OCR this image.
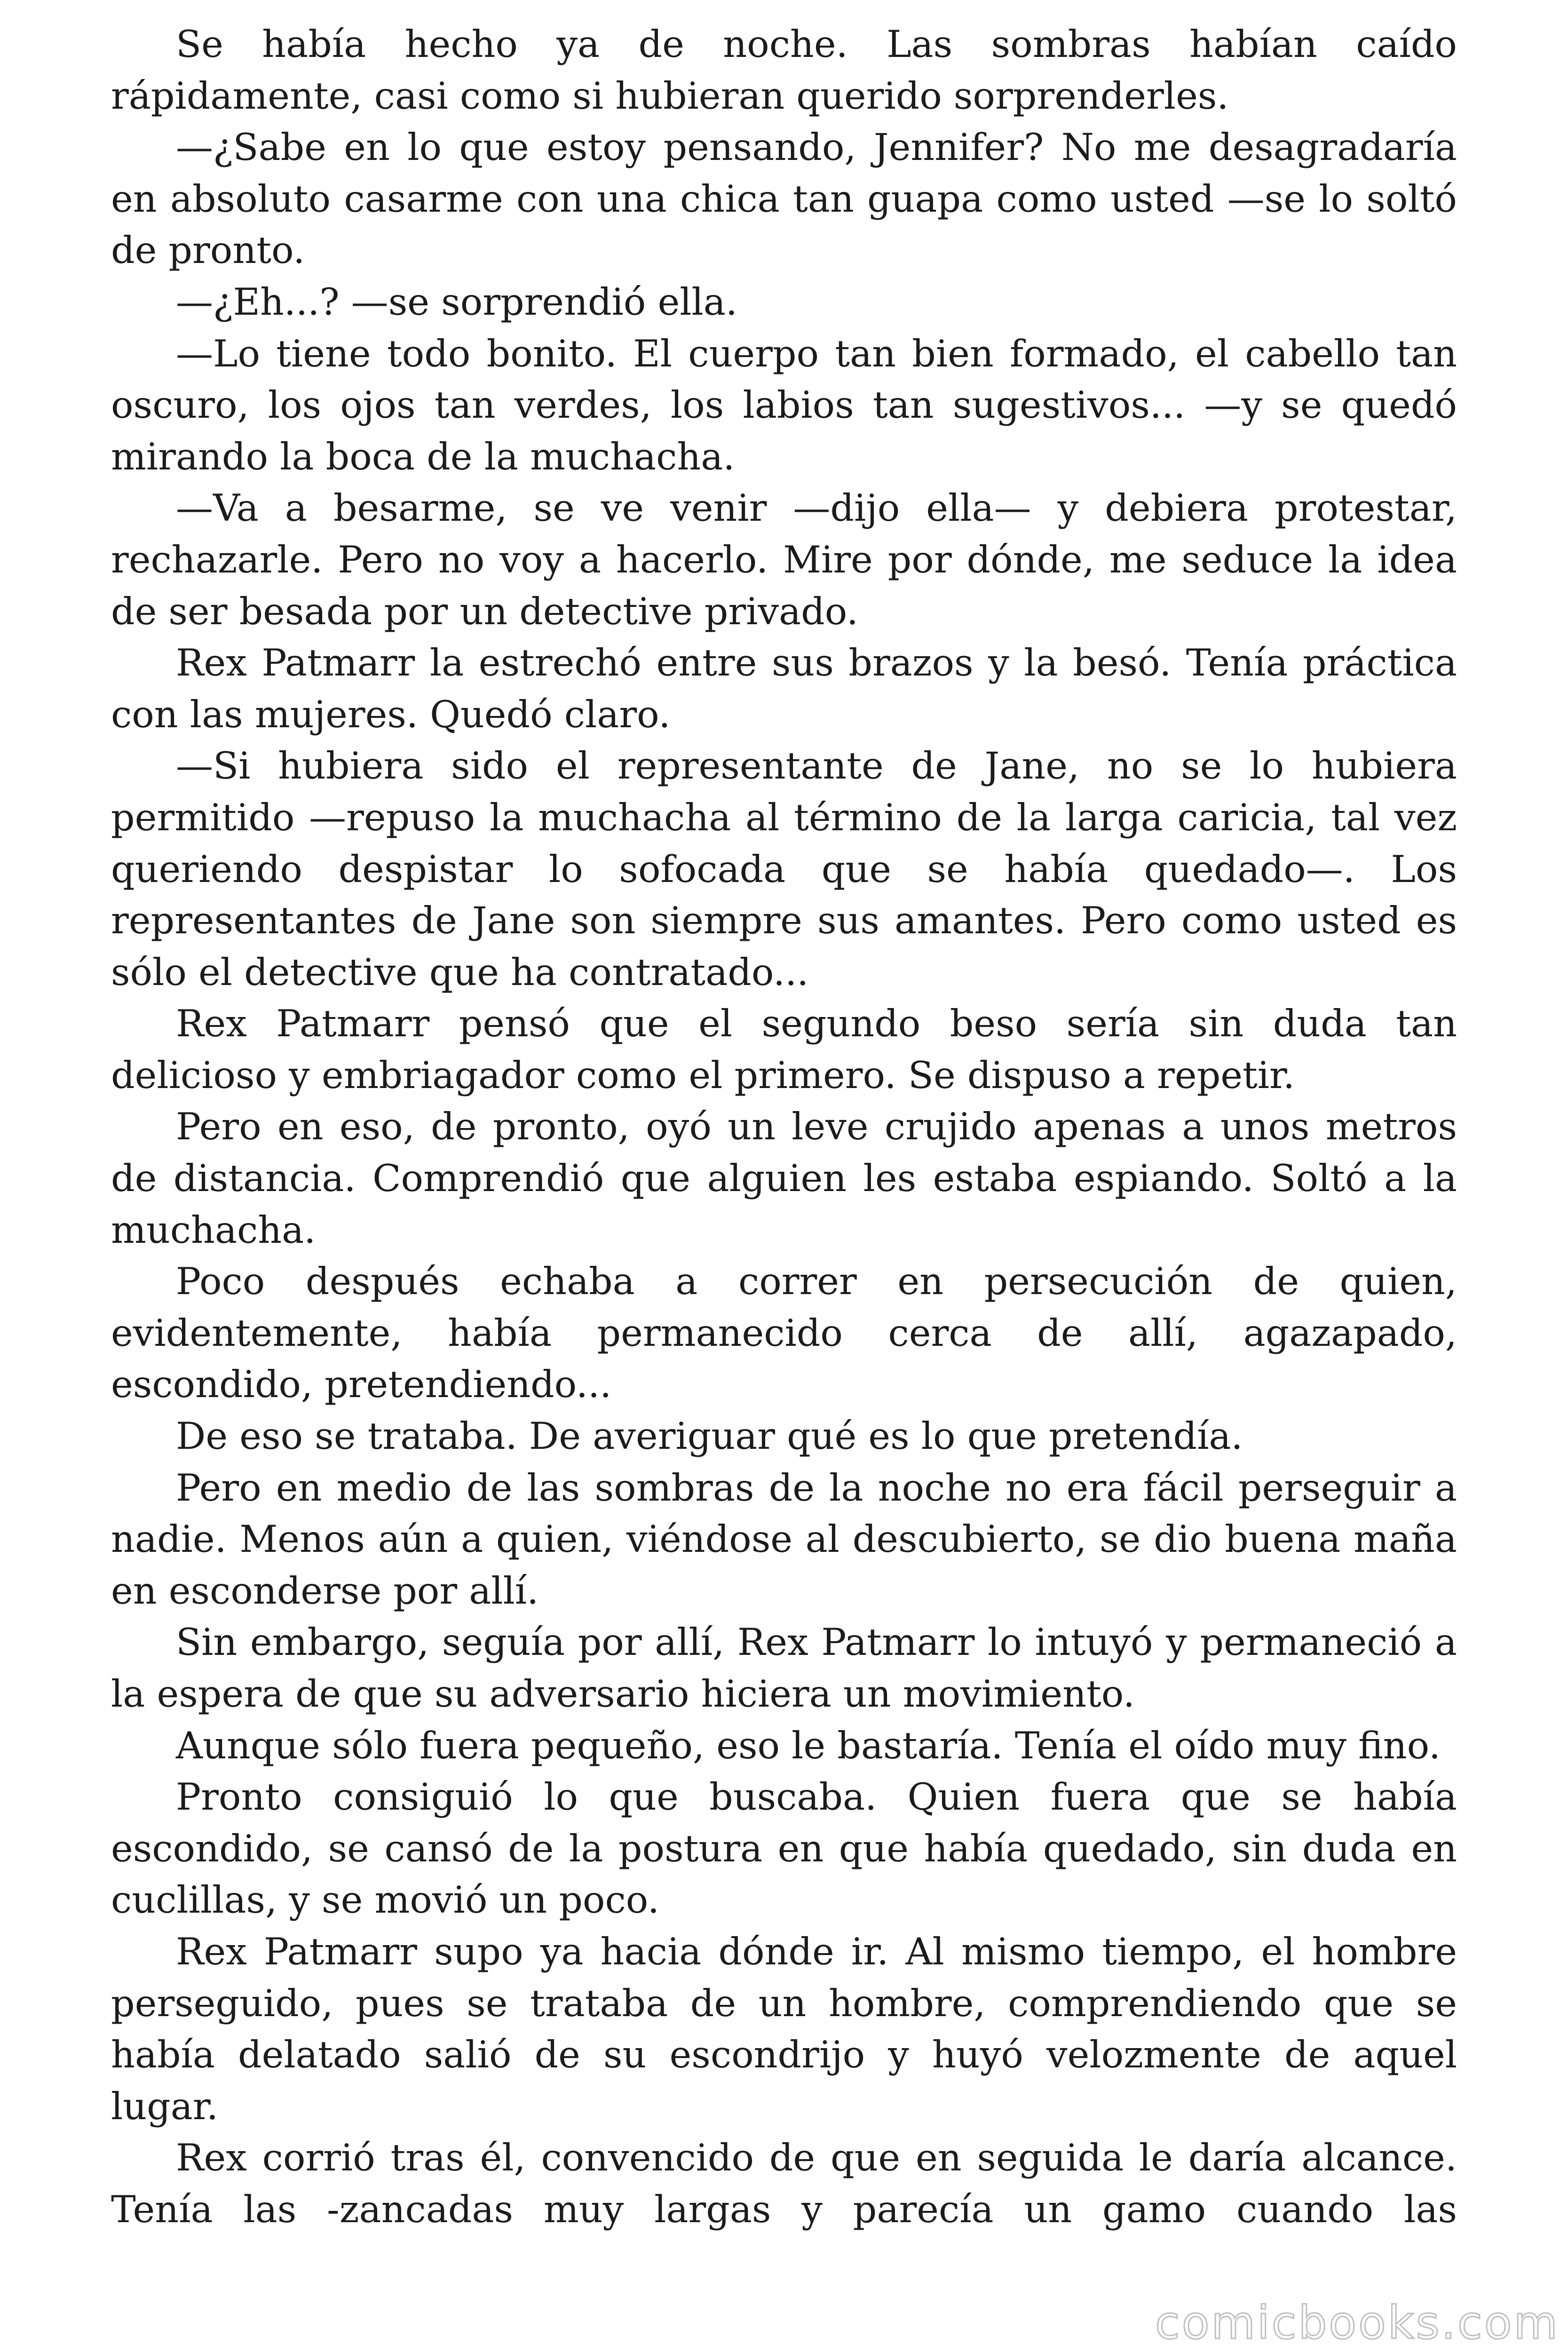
Se había hecho ya de noche. Las sombras habían caído rápidamente, casi como si hubieran querido sorprenderles.

—¿Sabe en lo que estoy pensando, Jennifer? No me desagradaría en absoluto casarme con una chica tan guapa como usted —se lo soltó de pronto.

—¿Eh...? —se sorprendió ella.

—Lo tiene todo bonito. El cuerpo tan bien formado, el cabello tan oscuro, los ojos tan verdes, los labios tan sugestivos... —y se quedó mirando la boca de la muchacha.

—Va a besarme, se ve venir —dijo ella— y debiera protestar, rechazarle. Pero no voy a hacerlo. Mire por dónde, me seduce la idea de ser besada por un detective privado.

Rex Patmarr la estrechó entre sus brazos y la besó. Tenía práctica con las mujeres. Quedó claro.

—Si hubiera sido el representante de Jane, no se lo hubiera permitido —repuso la muchacha al término de la larga caricia, tal vez queriendo despistar lo sofocada que se había quedado—. Los representantes de Jane son siempre sus amantes. Pero como usted es sólo el detective que ha contratado...

Rex Patmarr pensó que el segundo beso sería sin duda tan delicioso y embriagador como el primero. Se dispuso a repetir.

Pero en eso, de pronto, oyó un leve crujido apenas a unos metros de distancia. Comprendió que alguien les estaba espiando. Soltó a la muchacha.

Poco después echaba a correr en persecución de quien, evidentemente, había permanecido cerca de allí, agazapado, escondido, pretendiendo...

De eso se trataba. De averiguar qué es lo que pretendía.

Pero en medio de las sombras de la noche no era fácil perseguir a nadie. Menos aún a quien, viéndose al descubierto, se dio buena maña en esconderse por allí.

Sin embargo, seguía por allí, Rex Patmarr lo intuyó y permaneció a la espera de que su adversario hiciera un movimiento.

Aunque sólo fuera pequeño, eso le bastaría. Tenía el oído muy fino.

Pronto consiguió lo que buscaba. Quien fuera que se había escondido, se cansó de la postura en que había quedado, sin duda en cuclillas, y se movió un poco.

Rex Patmarr supo ya hacia dónde ir. Al mismo tiempo, el hombre perseguido, pues se trataba de un hombre, comprendiendo que se había delatado salió de su escondrijo y huyó velozmente de aquel lugar.

Rex corrió tras él, convencido de que en seguida le daría alcance. Tenía las -zancadas muy largas y parecía un gamo cuando las

comicbooks.com
